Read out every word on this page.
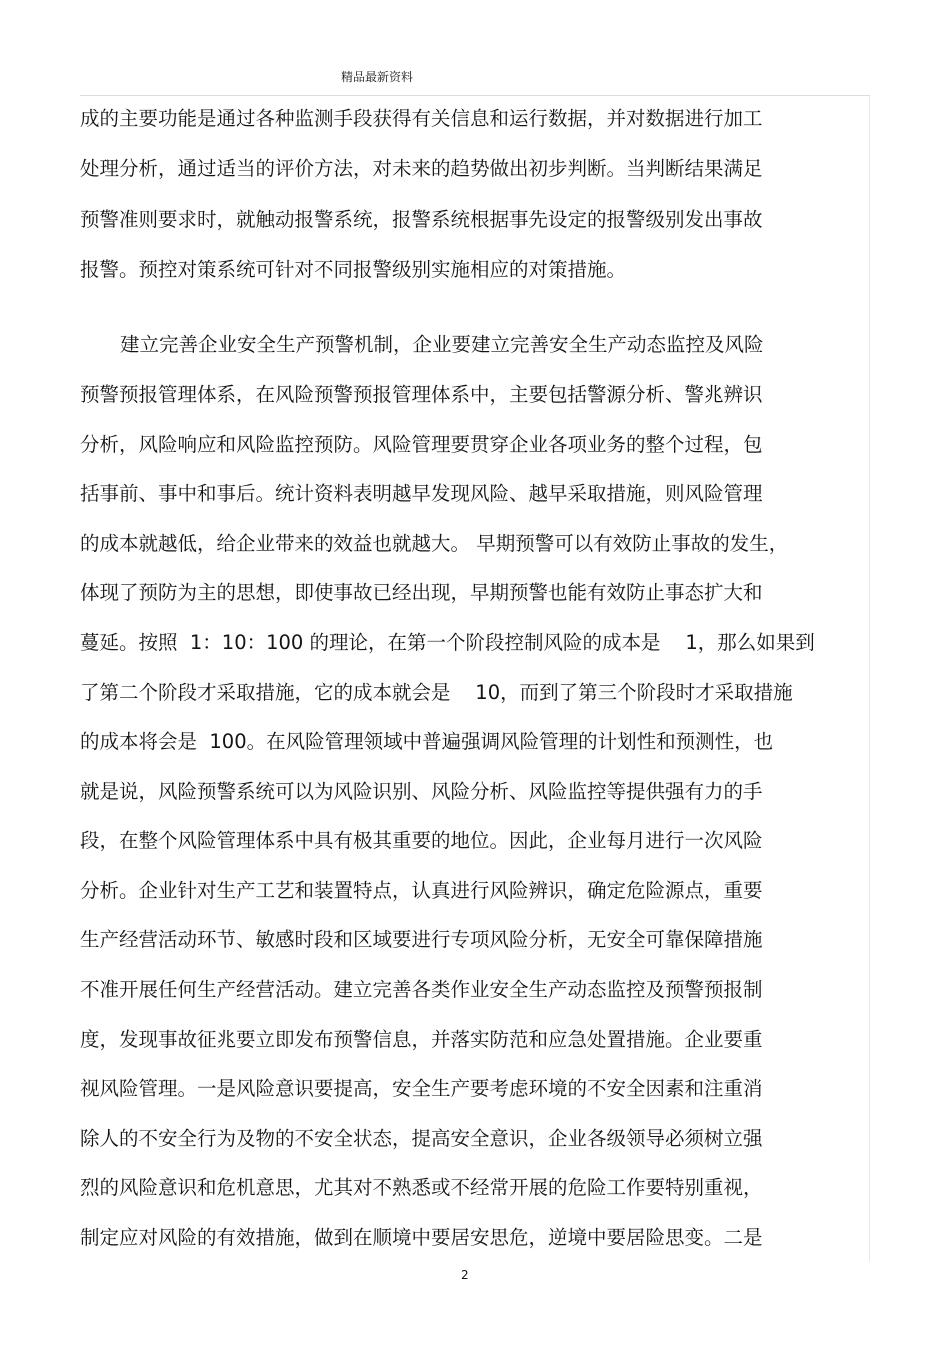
精品最新资料
成的主要功能是通过各种监测手段获得有关信息和运行数据，并对数据进行加工
处理分析，通过适当的评价方法，对未来的趋势做出初步判断。当判断结果满足
预警准则要求时，就触动报警系统，报警系统根据事先设定的报警级别发出事故
报警。预控对策系统可针对不同报警级别实施相应的对策措施。
建立完善企业安全生产预警机制，企业要建立完善安全生产动态监控及风险
预警预报管理体系，在风险预警预报管理体系中，主要包括警源分析、警兆辨识
分析，风险响应和风险监控预防。风险管理要贯穿企业各项业务的整个过程，包
括事前、事中和事后。统计资料表明越早发现风险、越早采取措施，则风险管理
的成本就越低，给企业带来的效益也就越大。 早期预警可以有效防止事故的发生，
体现了预防为主的思想，即使事故已经出现，早期预警也能有效防止事态扩大和
蔓延。按照  1：10：100 的理论，在第一个阶段控制风险的成本是    1，那么如果到
了第二个阶段才采取措施，它的成本就会是    10，而到了第三个阶段时才采取措施
的成本将会是  100。在风险管理领域中普遍强调风险管理的计划性和预测性，也
就是说，风险预警系统可以为风险识别、风险分析、风险监控等提供强有力的手
段，在整个风险管理体系中具有极其重要的地位。因此，企业每月进行一次风险
分析。企业针对生产工艺和装置特点，认真进行风险辨识，确定危险源点，重要
生产经营活动环节、敏感时段和区域要进行专项风险分析，无安全可靠保障措施
不准开展任何生产经营活动。建立完善各类作业安全生产动态监控及预警预报制
度，发现事故征兆要立即发布预警信息，并落实防范和应急处置措施。企业要重
视风险管理。一是风险意识要提高，安全生产要考虑环境的不安全因素和注重消
除人的不安全行为及物的不安全状态，提高安全意识，企业各级领导必须树立强
烈的风险意识和危机意思，尤其对不熟悉或不经常开展的危险工作要特别重视，
制定应对风险的有效措施，做到在顺境中要居安思危，逆境中要居险思变。二是
2
